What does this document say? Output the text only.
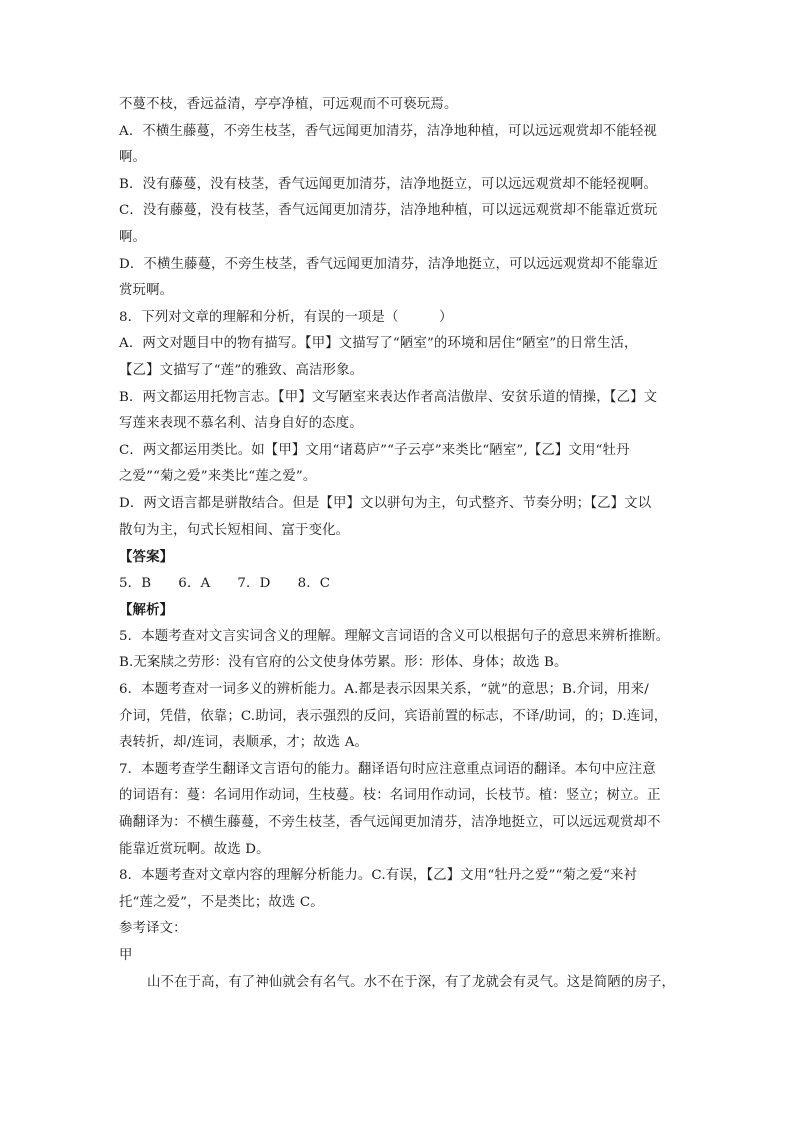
不蔓不枝，香远益清，亭亭净植，可远观而不可亵玩焉。
A．不横生藤蔓，不旁生枝茎，香气远闻更加清芬，洁净地种植，可以远远观赏却不能轻视
啊。
B．没有藤蔓，没有枝茎，香气远闻更加清芬，洁净地挺立，可以远远观赏却不能轻视啊。
C．没有藤蔓，没有枝茎，香气远闻更加清芬，洁净地种植，可以远远观赏却不能靠近赏玩
啊。
D．不横生藤蔓，不旁生枝茎，香气远闻更加清芬，洁净地挺立，可以远远观赏却不能靠近
赏玩啊。
8．下列对文章的理解和分析，有误的一项是（　　　）
A．两文对题目中的物有描写。【甲】文描写了“陋室”的环境和居住“陋室”的日常生活，
【乙】文描写了“莲”的雅致、高洁形象。
B．两文都运用托物言志。【甲】文写陋室来表达作者高洁傲岸、安贫乐道的情操，【乙】文
写莲来表现不慕名利、洁身自好的态度。
C．两文都运用类比。如【甲】文用“诸葛庐”“子云亭”来类比“陋室”,【乙】文用“牡丹
之爱”“菊之爱”来类比“莲之爱”。
D．两文语言都是骈散结合。但是【甲】文以骈句为主，句式整齐、节奏分明；【乙】文以
散句为主，句式长短相间、富于变化。
【答案】
5．B　　6．A　　7．D　　8．C
【解析】
5．本题考查对文言实词含义的理解。理解文言词语的含义可以根据句子的意思来辨析推断。
B.无案牍之劳形：没有官府的公文使身体劳累。形：形体、身体；故选 B。
6．本题考查对一词多义的辨析能力。A.都是表示因果关系，“就”的意思；B.介词，用来/
介词，凭借，依靠；C.助词，表示强烈的反问，宾语前置的标志，不译/助词，的；D.连词，
表转折，却/连词，表顺承，才；故选 A。
7．本题考查学生翻译文言语句的能力。翻译语句时应注意重点词语的翻译。本句中应注意
的词语有：蔓：名词用作动词，生枝蔓。枝：名词用作动词，长枝节。植：竖立；树立。正
确翻译为：不横生藤蔓，不旁生枝茎，香气远闻更加清芬，洁净地挺立，可以远远观赏却不
能靠近赏玩啊。故选 D。
8．本题考查对文章内容的理解分析能力。C.有误，【乙】文用“牡丹之爱”“菊之爱“来衬
托“莲之爱”，不是类比；故选 C。
参考译文：
甲
山不在于高，有了神仙就会有名气。水不在于深，有了龙就会有灵气。这是简陋的房子，
